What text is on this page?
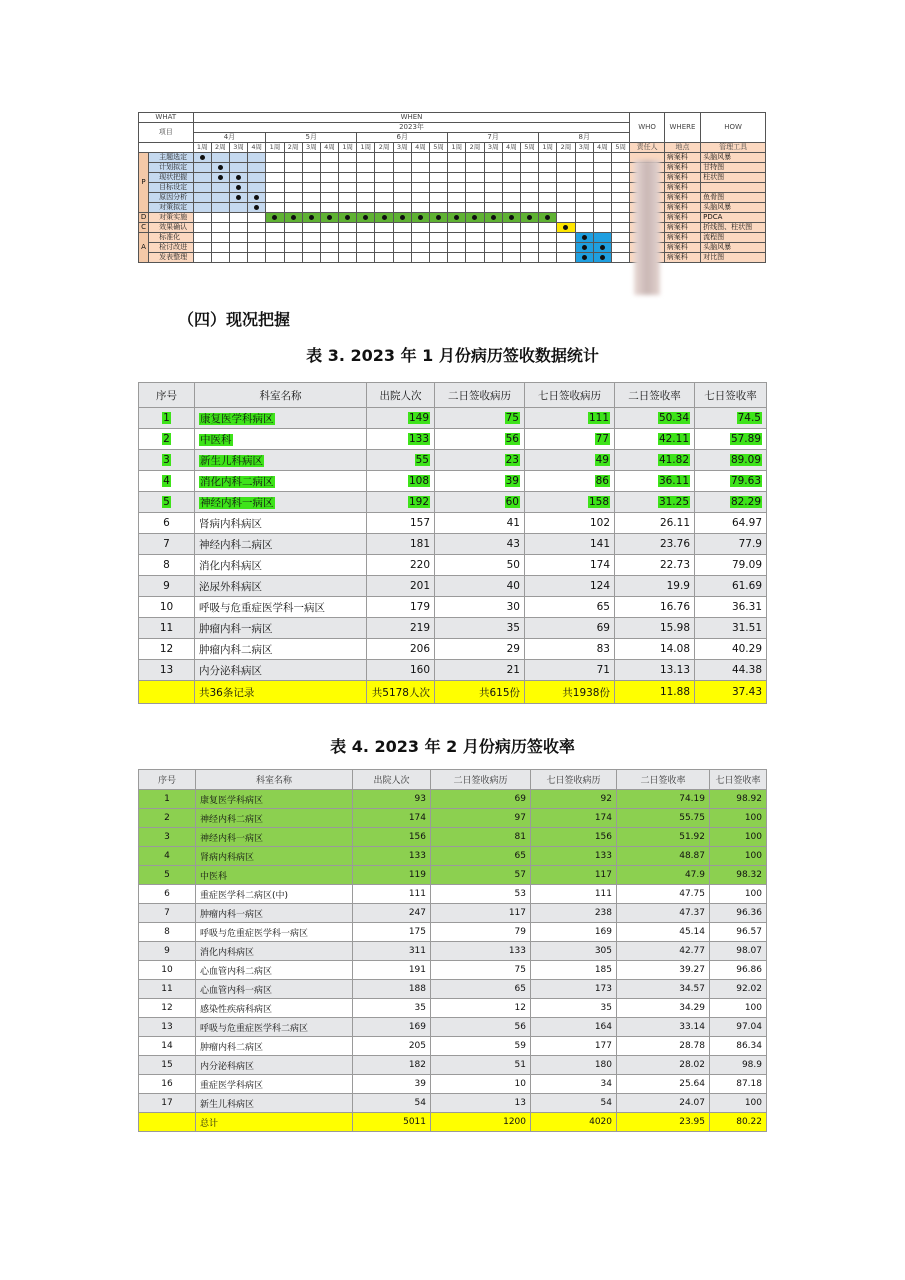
WHAT		WHEN																								WHO	WHERE	HOW
项目		2023年																										
		4月				5月					6月					7月					8月							
		1周	2周	3周	4周	1周	2周	3周	4周	1周	1周	2周	3周	4周	5周	1周	2周	3周	4周	5周	1周	2周	3周	4周	5周	责任人	地点	管理工具
P	主题选定																										病案科	头脑风暴
	计划拟定																										病案科	甘特图
	现状把握																										病案科	柱状图
	目标设定																										病案科	
	原因分析																										病案科	鱼骨图
	对策拟定																										病案科	头脑风暴
D	对策实施																										病案科	PDCA
C	效果确认																										病案科	折线图、柱状图
A	标准化																										病案科	流程图
	检讨改进																										病案科	头脑风暴
	发表整理																										病案科	对比图
（四）现况把握
表 3. 2023 年 1 月份病历签收数据统计
序号	科室名称	出院人次	二日签收病历	七日签收病历	二日签收率	七日签收率
1	康复医学科病区	149	75	111	50.34	74.5
2	中医科	133	56	77	42.11	57.89
3	新生儿科病区	55	23	49	41.82	89.09
4	消化内科二病区	108	39	86	36.11	79.63
5	神经内科一病区	192	60	158	31.25	82.29
6	肾病内科病区	157	41	102	26.11	64.97
7	神经内科二病区	181	43	141	23.76	77.9
8	消化内科病区	220	50	174	22.73	79.09
9	泌尿外科病区	201	40	124	19.9	61.69
10	呼吸与危重症医学科一病区	179	30	65	16.76	36.31
11	肿瘤内科一病区	219	35	69	15.98	31.51
12	肿瘤内科二病区	206	29	83	14.08	40.29
13	内分泌科病区	160	21	71	13.13	44.38
	共36条记录	共5178人次	共615份	共1938份	11.88	37.43
表 4. 2023 年 2 月份病历签收率
序号	科室名称	出院人次	二日签收病历	七日签收病历	二日签收率	七日签收率
1	康复医学科病区	93	69	92	74.19	98.92
2	神经内科二病区	174	97	174	55.75	100
3	神经内科一病区	156	81	156	51.92	100
4	肾病内科病区	133	65	133	48.87	100
5	中医科	119	57	117	47.9	98.32
6	重症医学科二病区(中)	111	53	111	47.75	100
7	肿瘤内科一病区	247	117	238	47.37	96.36
8	呼吸与危重症医学科一病区	175	79	169	45.14	96.57
9	消化内科病区	311	133	305	42.77	98.07
10	心血管内科二病区	191	75	185	39.27	96.86
11	心血管内科一病区	188	65	173	34.57	92.02
12	感染性疾病科病区	35	12	35	34.29	100
13	呼吸与危重症医学科二病区	169	56	164	33.14	97.04
14	肿瘤内科二病区	205	59	177	28.78	86.34
15	内分泌科病区	182	51	180	28.02	98.9
16	重症医学科病区	39	10	34	25.64	87.18
17	新生儿科病区	54	13	54	24.07	100
	总计	5011	1200	4020	23.95	80.22
